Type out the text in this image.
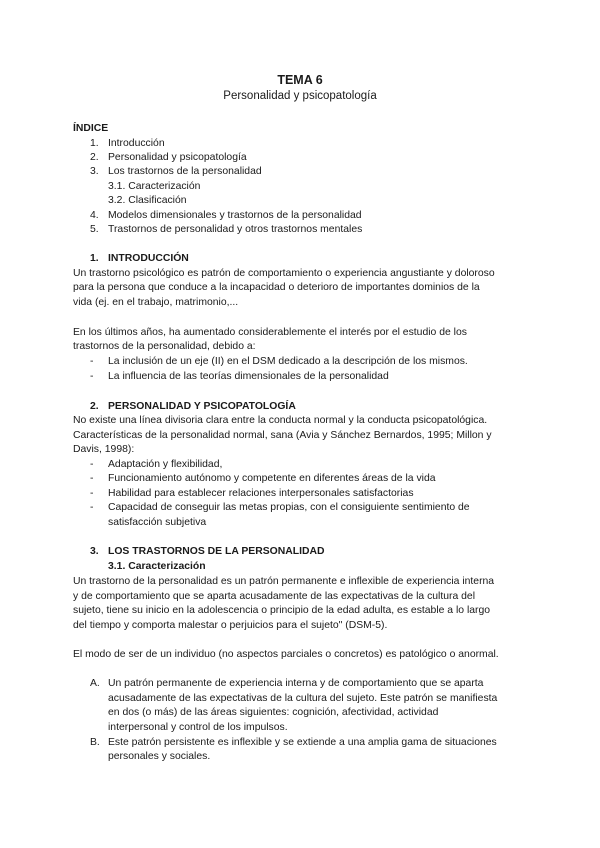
TEMA 6
Personalidad y psicopatología
ÍNDICE
1. Introducción
2. Personalidad y psicopatología
3. Los trastornos de la personalidad
3.1. Caracterización
3.2. Clasificación
4. Modelos dimensionales y trastornos de la personalidad
5. Trastornos de personalidad y otros trastornos mentales
1. INTRODUCCIÓN
Un trastorno psicológico es patrón de comportamiento o experiencia angustiante y doloroso
para la persona que conduce a la incapacidad o deterioro de importantes dominios de la
vida (ej. en el trabajo, matrimonio,...
En los últimos años, ha aumentado considerablemente el interés por el estudio de los
trastornos de la personalidad, debido a:
- La inclusión de un eje (II) en el DSM dedicado a la descripción de los mismos.
- La influencia de las teorías dimensionales de la personalidad
2. PERSONALIDAD Y PSICOPATOLOGÍA
No existe una línea divisoria clara entre la conducta normal y la conducta psicopatológica.
Características de la personalidad normal, sana (Avia y Sánchez Bernardos, 1995; Millon y
Davis, 1998):
- Adaptación y flexibilidad,
- Funcionamiento autónomo y competente en diferentes áreas de la vida
- Habilidad para establecer relaciones interpersonales satisfactorias
- Capacidad de conseguir las metas propias, con el consiguiente sentimiento de
satisfacción subjetiva
3. LOS TRASTORNOS DE LA PERSONALIDAD
3.1. Caracterización
Un trastorno de la personalidad es un patrón permanente e inflexible de experiencia interna
y de comportamiento que se aparta acusadamente de las expectativas de la cultura del
sujeto, tiene su inicio en la adolescencia o principio de la edad adulta, es estable a lo largo
del tiempo y comporta malestar o perjuicios para el sujeto" (DSM-5).
El modo de ser de un individuo (no aspectos parciales o concretos) es patológico o anormal.
A. Un patrón permanente de experiencia interna y de comportamiento que se aparta
acusadamente de las expectativas de la cultura del sujeto. Este patrón se manifiesta
en dos (o más) de las áreas siguientes: cognición, afectividad, actividad
interpersonal y control de los impulsos.
B. Este patrón persistente es inflexible y se extiende a una amplia gama de situaciones
personales y sociales.
